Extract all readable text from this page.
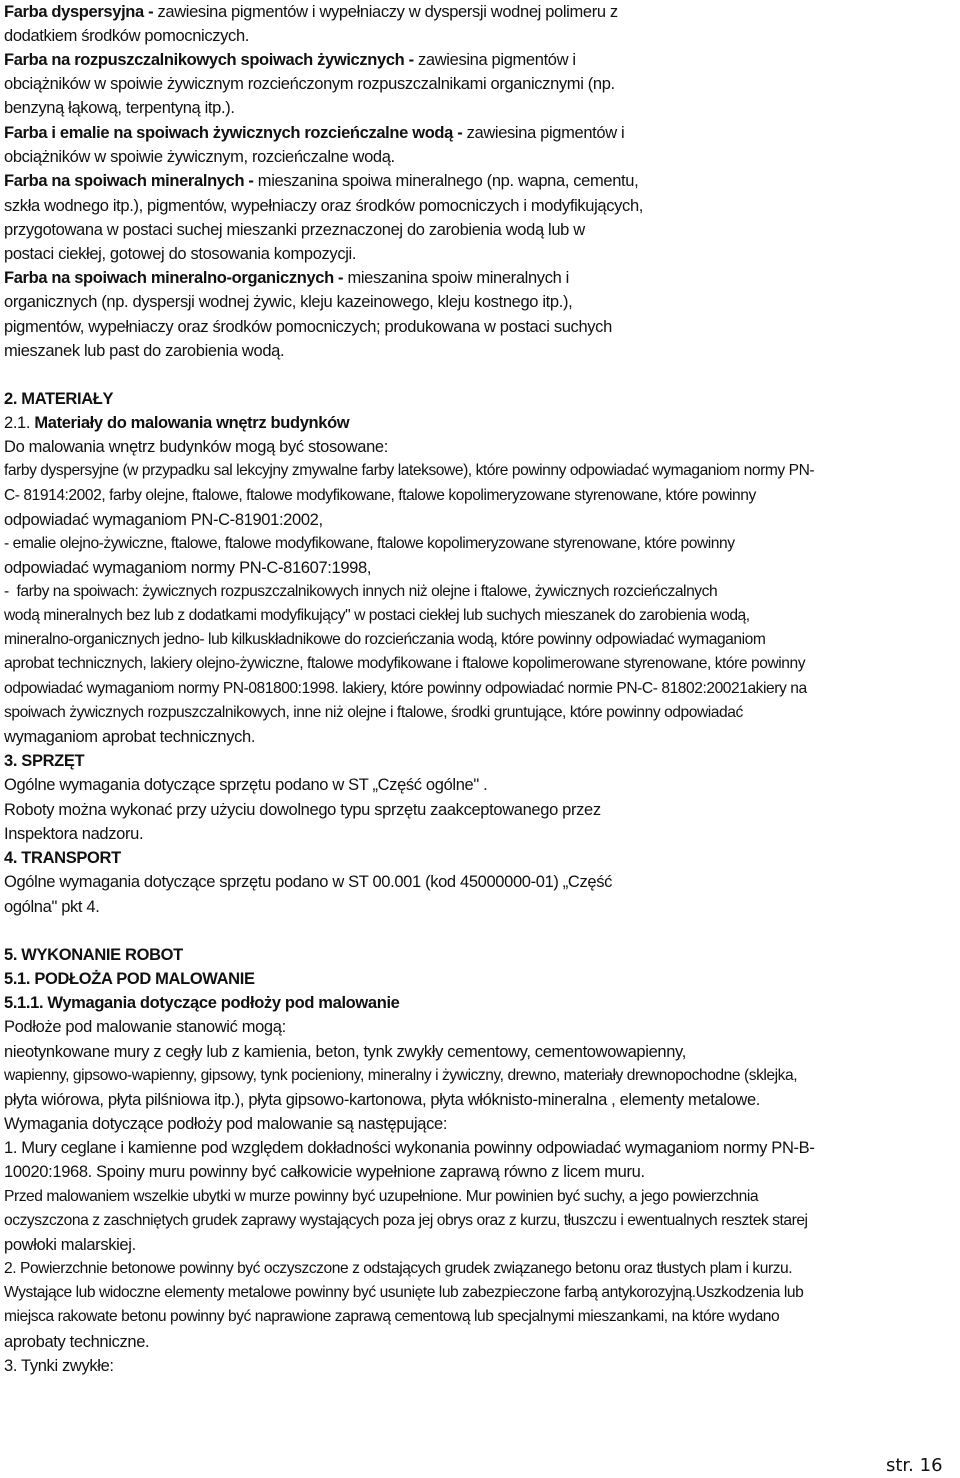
Farba dyspersyjna - zawiesina pigmentów i wypełniaczy w dyspersji wodnej polimeru z

dodatkiem środków pomocniczych.

Farba na rozpuszczalnikowych spoiwach żywicznych - zawiesina pigmentów i

obciążników w spoiwie żywicznym rozcieńczonym rozpuszczalnikami organicznymi (np.

benzyną łąkową, terpentyną itp.).

Farba i emalie na spoiwach żywicznych rozcieńczalne wodą - zawiesina pigmentów i

obciążników w spoiwie żywicznym, rozcieńczalne wodą.

Farba na spoiwach mineralnych - mieszanina spoiwa mineralnego (np. wapna, cementu,

szkła wodnego itp.), pigmentów, wypełniaczy oraz środków pomocniczych i modyfikujących,

przygotowana w postaci suchej mieszanki przeznaczonej do zarobienia wodą lub w

postaci ciekłej, gotowej do stosowania kompozycji.

Farba na spoiwach mineralno-organicznych - mieszanina spoiw mineralnych i

organicznych (np. dyspersji wodnej żywic, kleju kazeinowego, kleju kostnego itp.),

pigmentów, wypełniaczy oraz środków pomocniczych; produkowana w postaci suchych

mieszanek lub past do zarobienia wodą.

2. MATERIAŁY

2.1. Materiały do malowania wnętrz budynków

Do malowania wnętrz budynków mogą być stosowane:

farby dyspersyjne (w przypadku sal lekcyjny zmywalne farby lateksowe), które powinny odpowiadać wymaganiom normy PN-

C- 81914:2002, farby olejne, ftalowe, ftalowe modyfikowane, ftalowe kopolimeryzowane styrenowane, które powinny

odpowiadać wymaganiom PN-C-81901:2002,

- emalie olejno-żywiczne, ftalowe, ftalowe modyfikowane, ftalowe kopolimeryzowane styrenowane, które powinny

odpowiadać wymaganiom normy PN-C-81607:1998,

-  farby na spoiwach: żywicznych rozpuszczalnikowych innych niż olejne i ftalowe, żywicznych rozcieńczalnych

wodą mineralnych bez lub z dodatkami modyfikujący" w postaci ciekłej lub suchych mieszanek do zarobienia wodą,

mineralno-organicznych jedno- lub kilkuskładnikowe do rozcieńczania wodą, które powinny odpowiadać wymaganiom

aprobat technicznych, lakiery olejno-żywiczne, ftalowe modyfikowane i ftalowe kopolimerowane styrenowane, które powinny

odpowiadać wymaganiom normy PN-081800:1998. lakiery, które powinny odpowiadać normie PN-C- 81802:20021akiery na

spoiwach żywicznych rozpuszczalnikowych, inne niż olejne i ftalowe, środki gruntujące, które powinny odpowiadać

wymaganiom aprobat technicznych.

3. SPRZĘT

Ogólne wymagania dotyczące sprzętu podano w ST „Część ogólne" .

Roboty można wykonać przy użyciu dowolnego typu sprzętu zaakceptowanego przez

Inspektora nadzoru.

4. TRANSPORT

Ogólne wymagania dotyczące sprzętu podano w ST 00.001 (kod 45000000-01) „Część

ogólna" pkt 4.

5. WYKONANIE ROBOT

5.1. PODŁOŻA POD MALOWANIE

5.1.1. Wymagania dotyczące podłoży pod malowanie

Podłoże pod malowanie stanowić mogą:

nieotynkowane mury z cegły lub z kamienia, beton, tynk zwykły cementowy, cementowowapienny,

wapienny, gipsowo-wapienny, gipsowy, tynk pocieniony, mineralny i żywiczny, drewno, materiały drewnopochodne (sklejka,

płyta wiórowa, płyta pilśniowa itp.), płyta gipsowo-kartonowa, płyta włóknisto-mineralna , elementy metalowe.

Wymagania dotyczące podłoży pod malowanie są następujące:

1. Mury ceglane i kamienne pod względem dokładności wykonania powinny odpowiadać wymaganiom normy PN-B-

10020:1968. Spoiny muru powinny być całkowicie wypełnione zaprawą równo z licem muru.

Przed malowaniem wszelkie ubytki w murze powinny być uzupełnione. Mur powinien być suchy, a jego powierzchnia

oczyszczona z zaschniętych grudek zaprawy wystających poza jej obrys oraz z kurzu, tłuszczu i ewentualnych resztek starej

powłoki malarskiej.

2. Powierzchnie betonowe powinny być oczyszczone z odstających grudek związanego betonu oraz tłustych plam i kurzu.

Wystające lub widoczne elementy metalowe powinny być usunięte lub zabezpieczone farbą antykorozyjną.Uszkodzenia lub

miejsca rakowate betonu powinny być naprawione zaprawą cementową lub specjalnymi mieszankami, na które wydano

aprobaty techniczne.

3. Tynki zwykłe:

str. 16
